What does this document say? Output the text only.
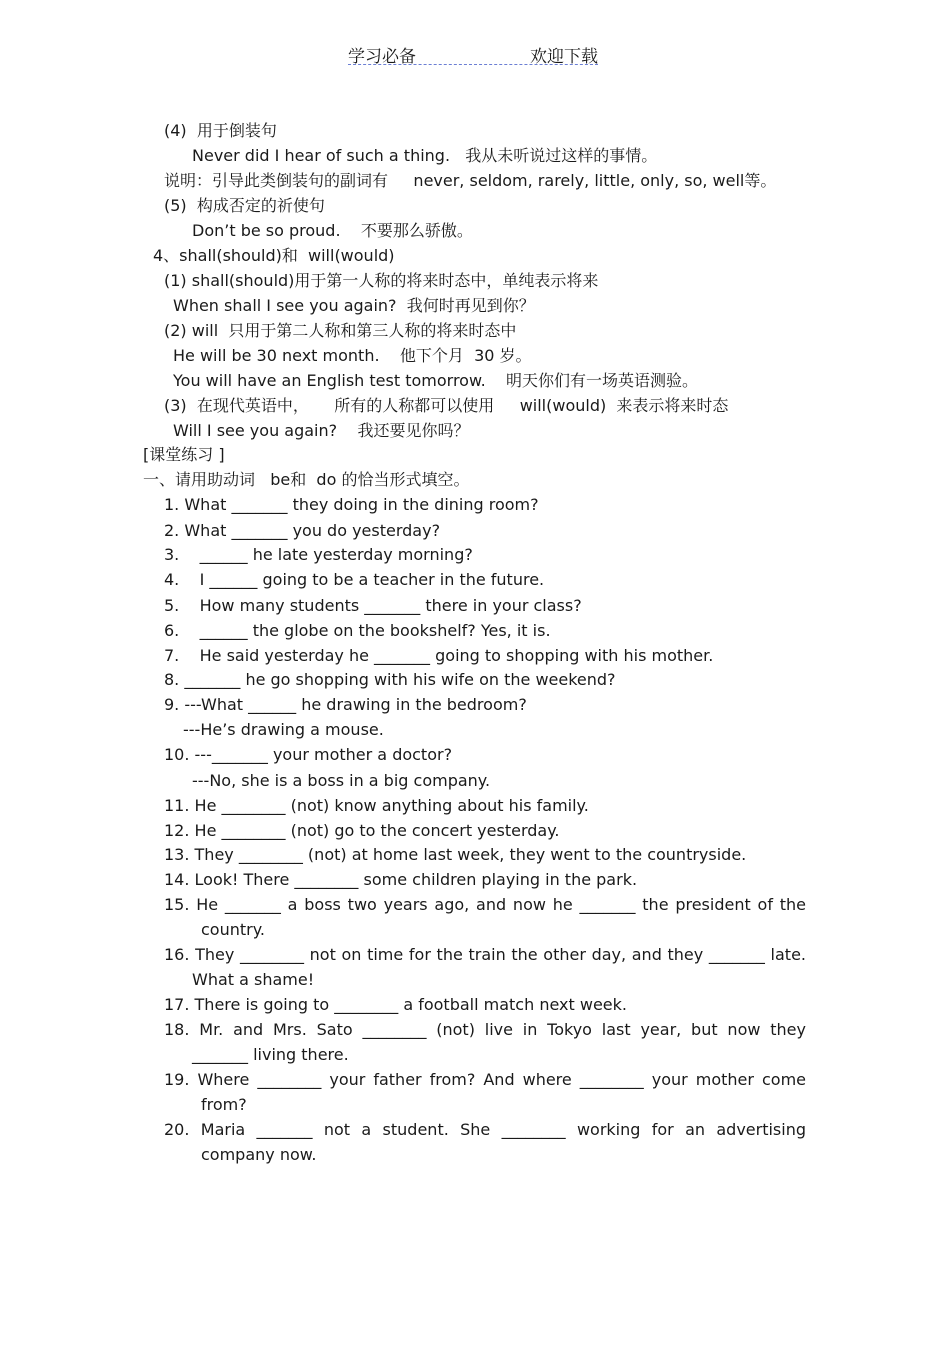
学习必备	欢迎下载
(4)  用于倒装句
Never did I hear of such a thing.   我从未听说过这样的事情。
说明：引导此类倒装句的副词有     never, seldom, rarely, little, only, so, well等。
(5)  构成否定的祈使句
Don’t be so proud.    不要那么骄傲。
4、shall(should)和  will(would)
(1) shall(should)用于第一人称的将来时态中，单纯表示将来
When shall I see you again?  我何时再见到你？
(2) will  只用于第二人称和第三人称的将来时态中
He will be 30 next month.    他下个月  30 岁。
You will have an English test tomorrow.    明天你们有一场英语测验。
(3)  在现代英语中，     所有的人称都可以使用     will(would)  来表示将来时态
Will I see you again?    我还要见你吗？
[课堂练习 ]
一、请用助动词   be和  do 的恰当形式填空。
1. What _______ they doing in the dining room?
2. What _______ you do yesterday?
3.    ______ he late yesterday morning?
4.    I ______ going to be a teacher in the future.
5.    How many students _______ there in your class?
6.    ______ the globe on the bookshelf? Yes, it is.
7.    He said yesterday he _______ going to shopping with his mother.
8. _______ he go shopping with his wife on the weekend?
9. ---What ______ he drawing in the bedroom?
---He’s drawing a mouse.
10. ---_______ your mother a doctor?
---No, she is a boss in a big company.
11. He ________ (not) know anything about his family.
12. He ________ (not) go to the concert yesterday.
13. They ________ (not) at home last week, they went to the countryside.
14. Look! There ________ some children playing in the park.
15. He _______ a boss two years ago, and now he _______ the president of the
country.
16. They ________ not on time for the train the other day, and they _______ late.
What a shame!
17. There is going to ________ a football match next week.
18. Mr. and Mrs. Sato ________ (not) live in Tokyo last year, but now they
_______ living there.
19. Where ________ your father from? And where ________ your mother come
from?
20. Maria _______ not a student. She ________ working for an advertising
company now.
